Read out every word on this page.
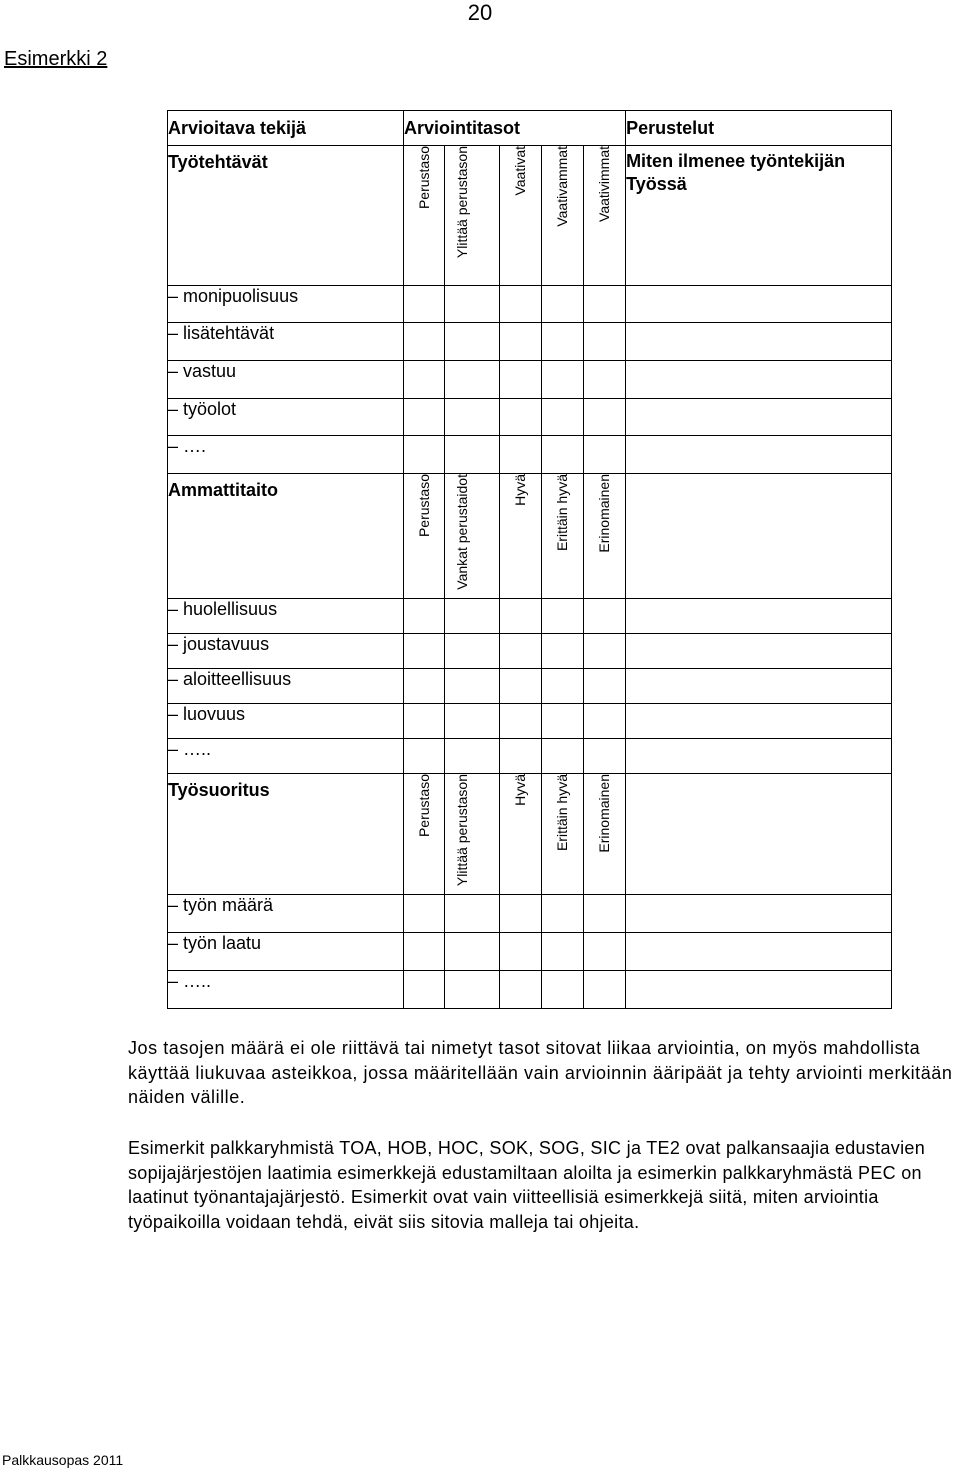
20
Esimerkki 2
Arvioitava tekijä	Arviointitasot					Perustelut
Työtehtävät	Perustaso	Ylittää perustason	Vaativat	Vaativammat	Vaativimmat	Miten ilmenee työntekijän Työssä
– monipuolisuus						
– lisätehtävät						
– vastuu						
– työolot						
– ….						
Ammattitaito	Perustaso	Vankat perustaidot	Hyvä	Erittäin hyvä	Erinomainen	

– huolellisuus						
– joustavuus						
– aloitteellisuus						
– luovuus						
– …..						
Työsuoritus	Perustaso	Ylittää perustason	Hyvä	Erittäin hyvä	Erinomainen	

– työn määrä						
– työn laatu						
– …..						
Jos tasojen määrä ei ole riittävä tai nimetyt tasot sitovat liikaa arviointia, on myös mahdollista käyttää liukuvaa asteikkoa, jossa määritellään vain arvioinnin ääripäät ja tehty arviointi merkitään näiden välille.
Esimerkit palkkaryhmistä TOA, HOB, HOC, SOK, SOG, SIC ja TE2 ovat palkansaajia edustavien sopijajärjestöjen laatimia esimerkkejä edustamiltaan aloilta ja esimerkin palkkaryhmästä PEC on laatinut työnantajajärjestö. Esimerkit ovat vain viitteellisiä esimerkkejä siitä, miten arviointia työpaikoilla voidaan tehdä, eivät siis sitovia malleja tai ohjeita.
Palkkausopas 2011
